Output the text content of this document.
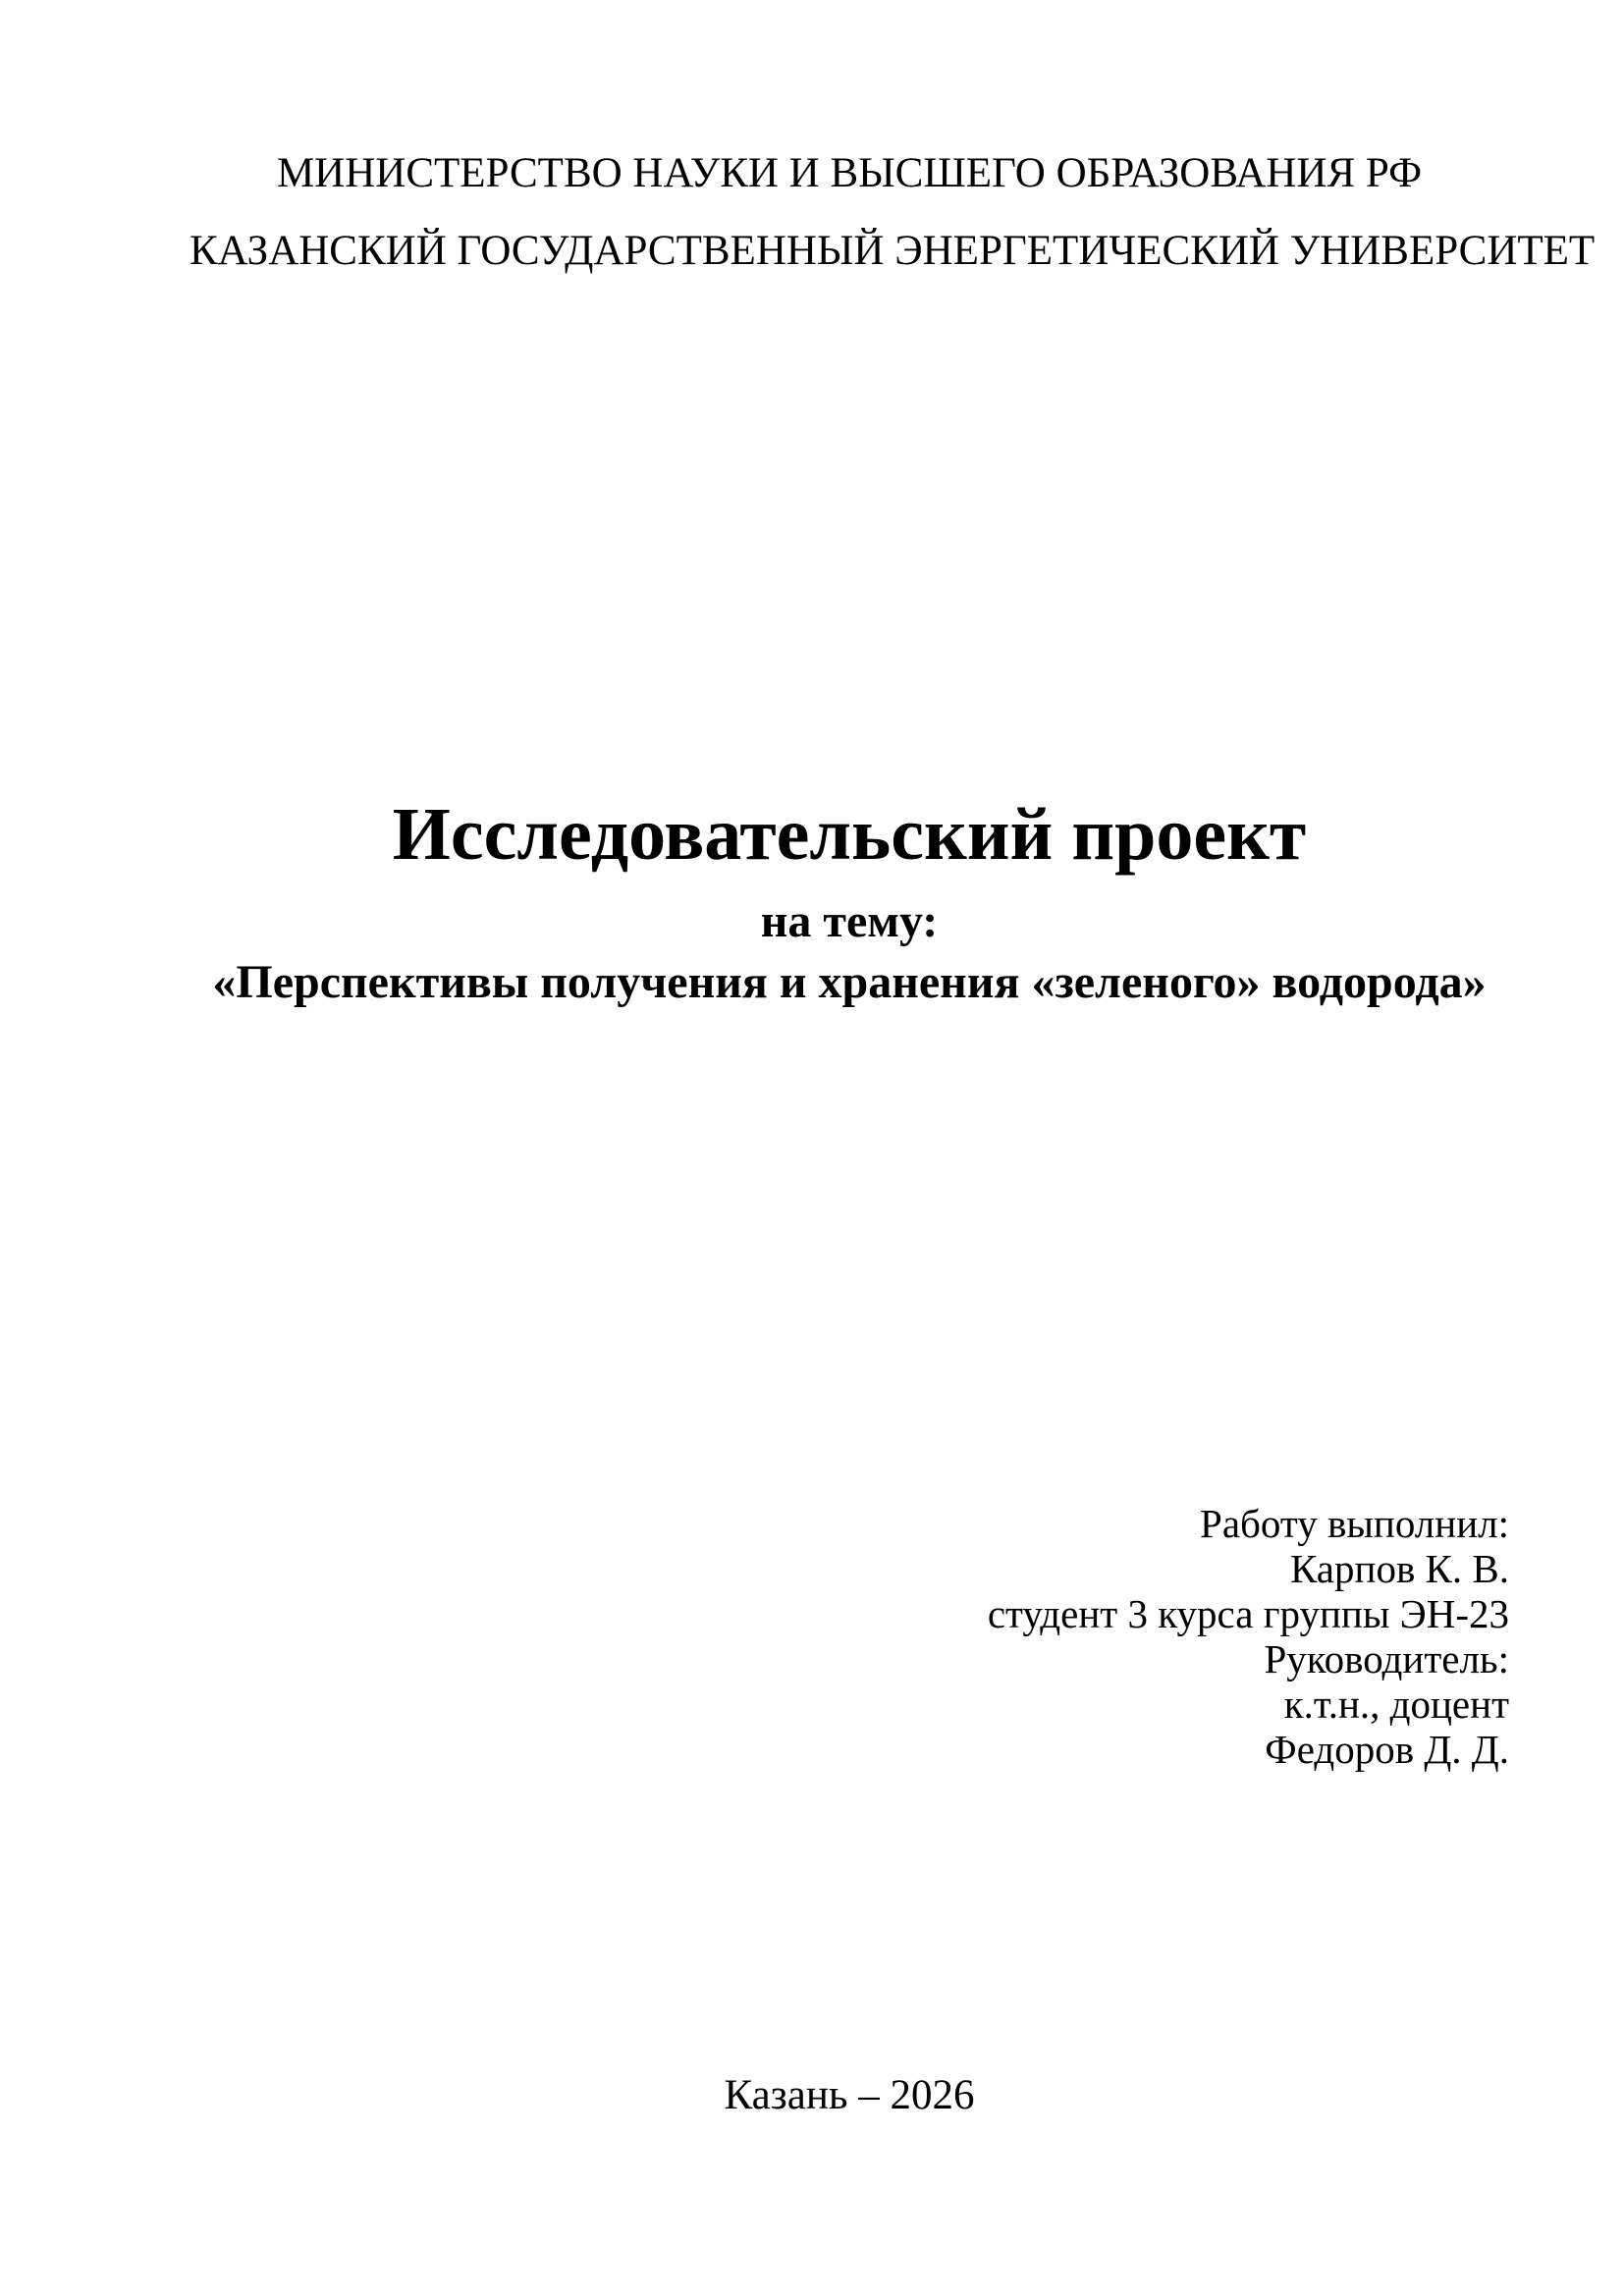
МИНИСТЕРСТВО НАУКИ И ВЫСШЕГО ОБРАЗОВАНИЯ РФ
КАЗАНСКИЙ ГОСУДАРСТВЕННЫЙ ЭНЕРГЕТИЧЕСКИЙ УНИВЕРСИТЕТ
Исследовательский проект
на тему:
«Перспективы получения и хранения «зеленого» водорода»
Работу выполнил:
Карпов К. В.
студент 3 курса группы ЭН-23
Руководитель:
к.т.н., доцент
Федоров Д. Д.
Казань – 2026
